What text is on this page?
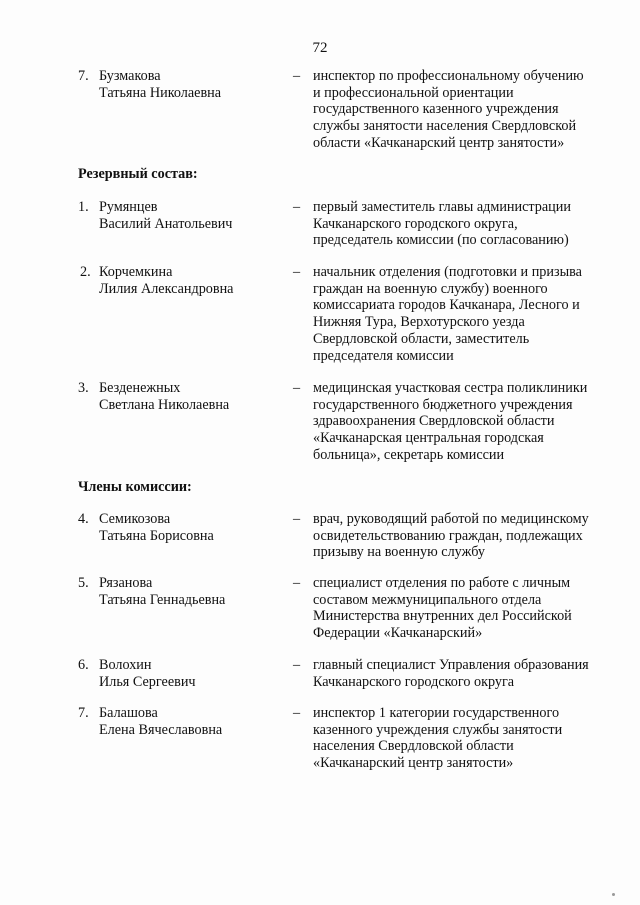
72
7. Бузмакова
Татьяна Николаевна
– инспектор по профессиональному обучению
и профессиональной ориентации
государственного казенного учреждения
службы занятости населения Свердловской
области «Качканарский центр занятости»
Резервный состав:
1. Румянцев
Василий Анатольевич
– первый заместитель главы администрации
Качканарского городского округа,
председатель комиссии (по согласованию)
2. Корчемкина
Лилия Александровна
– начальник отделения (подготовки и призыва
граждан на военную службу) военного
комиссариата городов Качканара, Лесного и
Нижняя Тура, Верхотурского уезда
Свердловской области, заместитель
председателя комиссии
3. Безденежных
Светлана Николаевна
– медицинская участковая сестра поликлиники
государственного бюджетного учреждения
здравоохранения Свердловской области
«Качканарская центральная городская
больница», секретарь комиссии
Члены комиссии:
4. Семикозова
Татьяна Борисовна
– врач, руководящий работой по медицинскому
освидетельствованию граждан, подлежащих
призыву на военную службу
5. Рязанова
Татьяна Геннадьевна
– специалист отделения по работе с личным
составом межмуниципального отдела
Министерства внутренних дел Российской
Федерации «Качканарский»
6. Волохин
Илья Сергеевич
– главный специалист Управления образования
Качканарского городского округа
7. Балашова
Елена Вячеславовна
– инспектор 1 категории государственного
казенного учреждения службы занятости
населения Свердловской области
«Качканарский центр занятости»
